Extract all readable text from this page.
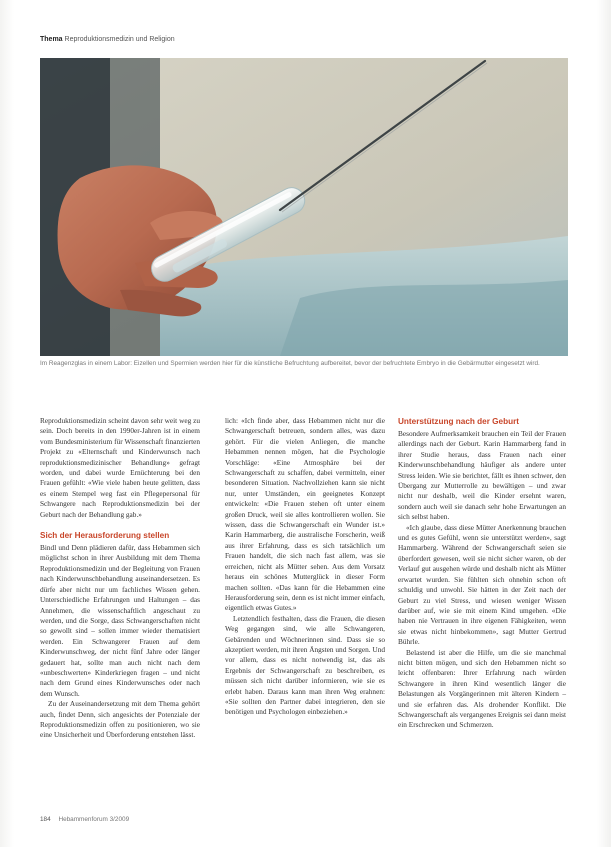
Thema Reproduktionsmedizin und Religion
Im Reagenzglas in einem Labor: Eizellen und Spermien werden hier für die künstliche Befruchtung aufbereitet, bevor der befruchtete Embryo in die Gebärmutter eingesetzt wird.

Reproduktionsmedizin scheint davon sehr weit weg zu sein. Doch bereits in den 1990er-Jahren ist in einem vom Bundesministerium für Wissenschaft finanzierten Projekt zu «Elternschaft und Kinderwunsch nach reproduktionsmedizinischer Behandlung» gefragt worden, und dabei wurde Ernüchterung bei den Frauen gefühlt: «Wie viele haben heute gelitten, dass es einem Stempel weg fast ein Pflegepersonal für Schwangere nach Reproduktionsmedizin bei der Geburt nach der Behandlung gab.»

Sich der Herausforderung stellen

Bindl und Denn plädieren dafür, dass Hebammen sich möglichst schon in ihrer Ausbildung mit dem Thema Reproduktionsmedizin und der Begleitung von Frauen nach Kinderwunschbehandlung auseinandersetzen. Es dürfe aber nicht nur um fachliches Wissen gehen. Unterschiedliche Erfahrungen und Haltungen – das Annehmen, die wissenschaftlich angeschaut zu werden, und die Sorge, dass Schwangerschaften nicht so gewollt sind – sollen immer wieder thematisiert werden. Ein Schwangerer Frauen auf dem Kinderwunschweg, der nicht fünf Jahre oder länger gedauert hat, sollte man auch nicht nach dem «unbeschwerten» Kinderkriegen fragen – und nicht nach dem Grund eines Kinderwunsches oder nach dem Wunsch.

Zu der Auseinandersetzung mit dem Thema gehört auch, findet Denn, sich angesichts der Potenziale der Reproduktionsmedizin offen zu positionieren, wo sie eine Unsicherheit und Überforderung entstehen lässt.

lich: «Ich finde aber, dass Hebammen nicht nur die Schwangerschaft betreuen, sondern alles, was dazu gehört. Für die vielen Anliegen, die manche Hebammen nennen mögen, hat die Psychologie Vorschläge: «Eine Atmosphäre bei der Schwangerschaft zu schaffen, dabei vermitteln, einer besonderen Situation. Nachvollziehen kann sie nicht nur, unter Umständen, ein geeignetes Konzept entwickeln: «Die Frauen stehen oft unter einem großen Druck, weil sie alles kontrollieren wollen. Sie wissen, dass die Schwangerschaft ein Wunder ist.» Karin Hammarberg, die australische Forscherin, weiß aus ihrer Erfahrung, dass es sich tatsächlich um Frauen handelt, die sich nach fast allem, was sie erreichen, nicht als Mütter sehen. Aus dem Vorsatz heraus ein schönes Mutterglück in dieser Form machen sollten. «Das kann für die Hebammen eine Herausforderung sein, denn es ist nicht immer einfach, eigentlich etwas Gutes.»

Letztendlich festhalten, dass die Frauen, die diesen Weg gegangen sind, wie alle Schwangeren, Gebärenden und Wöchnerinnen sind. Dass sie so akzeptiert werden, mit ihren Ängsten und Sorgen. Und vor allem, dass es nicht notwendig ist, das als Ergebnis der Schwangerschaft zu beschreiben, es müssen sich nicht darüber informieren, wie sie es erlebt haben. Daraus kann man ihren Weg erahnen: «Sie sollten den Partner dabei integrieren, den sie benötigen und Psychologen einbeziehen.»

Unterstützung nach der Geburt

Besondere Aufmerksamkeit brauchen ein Teil der Frauen allerdings nach der Geburt. Karin Hammarberg fand in ihrer Studie heraus, dass Frauen nach einer Kinderwunschbehandlung häufiger als andere unter Stress leiden. Wie sie berichtet, fällt es ihnen schwer, den Übergang zur Mutterrolle zu bewältigen – und zwar nicht nur deshalb, weil die Kinder ersehnt waren, sondern auch weil sie danach sehr hohe Erwartungen an sich selbst haben.

«Ich glaube, dass diese Mütter Anerkennung brauchen und es gutes Gefühl, wenn sie unterstützt werden», sagt Hammarberg. Während der Schwangerschaft seien sie überfordert gewesen, weil sie nicht sicher waren, ob der Verlauf gut ausgehen würde und deshalb nicht als Mütter erwartet wurden. Sie fühlten sich ohnehin schon oft schuldig und unwohl. Sie hätten in der Zeit nach der Geburt zu viel Stress, und wiesen weniger Wissen darüber auf, wie sie mit einem Kind umgehen. «Die haben nie Vertrauen in ihre eigenen Fähigkeiten, wenn sie etwas nicht hinbekommen», sagt Mutter Gertrud Bührle.

Belastend ist aber die Hilfe, um die sie manchmal nicht bitten mögen, und sich den Hebammen nicht so leicht offenbaren: Ihrer Erfahrung nach würden Schwangere in ihren Kind wesentlich länger die Belastungen als Vorgängerinnen mit älteren Kindern – und sie erfahren das. Als drohender Konflikt. Die Schwangerschaft als vergangenes Ereignis sei dann meist ein Erschrecken und Schmerzen.

184 Hebammenforum 3/2009
